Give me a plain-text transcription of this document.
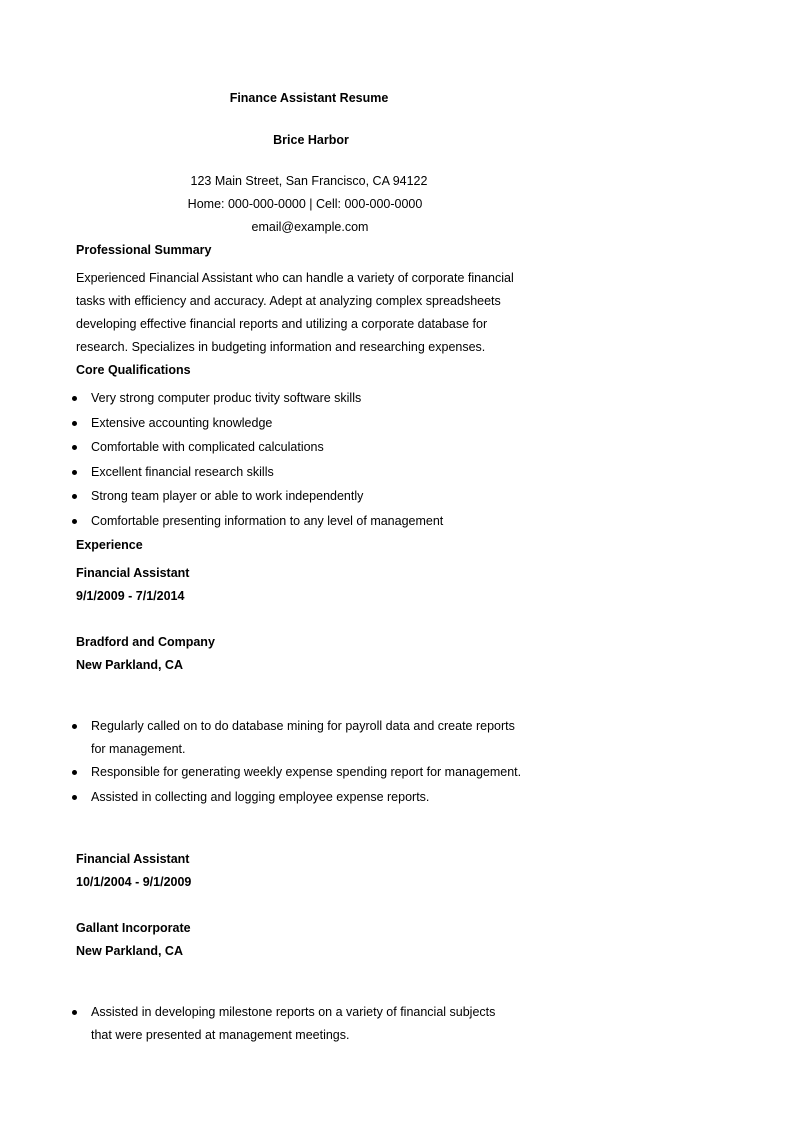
Finance Assistant Resume
Brice Harbor
123 Main Street, San Francisco, CA 94122
Home: 000-000-0000 | Cell: 000-000-0000
email@example.com
Professional Summary
Experienced Financial Assistant who can handle a variety of corporate financial
tasks with efficiency and accuracy. Adept at analyzing complex spreadsheets
developing effective financial reports and utilizing a corporate database for
research. Specializes in budgeting information and researching expenses.
Core Qualifications
Very strong computer produc tivity software skills
Extensive accounting knowledge
Comfortable with complicated calculations
Excellent financial research skills
Strong team player or able to work independently
Comfortable presenting information to any level of management
Experience
Financial Assistant
9/1/2009 - 7/1/2014
Bradford and Company
New Parkland, CA
Regularly called on to do database mining for payroll data and create reports
for management.
Responsible for generating weekly expense spending report for management.
Assisted in collecting and logging employee expense reports.
Financial Assistant
10/1/2004 - 9/1/2009
Gallant Incorporate
New Parkland, CA
Assisted in developing milestone reports on a variety of financial subjects
that were presented at management meetings.
